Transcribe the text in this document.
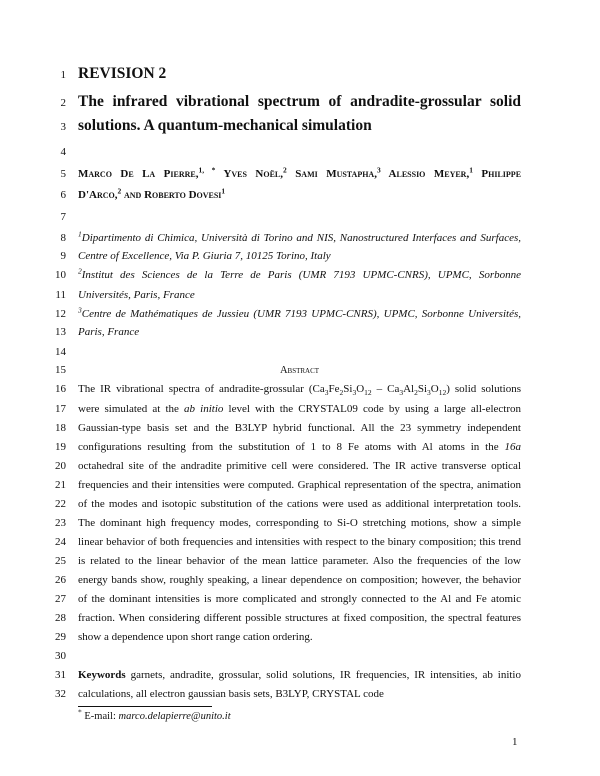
1
2
3
4
5
6
7
8
9
10
11
12
13
14
15
16
17
18
19
20
21
22
23
24
25
26
27
28
29
30
31
32
REVISION 2
The infrared vibrational spectrum of andradite-grossular solid
solutions. A quantum-mechanical simulation
Marco De La Pierre,$^{1, *}$ Yves Noël,$^2$ Sami Mustapha,$^3$ Alessio Meyer,$^1$ Philippe
D'Arco,$^2$ and Roberto Dovesi$^1$
$^1$Dipartimento di Chimica, Università di Torino and NIS, Nanostructured Interfaces and Surfaces,
Centre of Excellence, Via P. Giuria 7, 10125 Torino, Italy
$^2$Institut des Sciences de la Terre de Paris (UMR 7193 UPMC-CNRS), UPMC, Sorbonne
Universités, Paris, France
$^3$Centre de Mathématiques de Jussieu (UMR 7193 UPMC-CNRS), UPMC, Sorbonne Universités,
Paris, France
Abstract
The IR vibrational spectra of andradite-grossular $(Ca_3Fe_2Si_3O_{12} - Ca_3Al_2Si_3O_{12})$ solid solutions
were simulated at the ab initio level with the CRYSTAL09 code by using a large all-electron
Gaussian-type basis set and the B3LYP hybrid functional. All the 23 symmetry independent
configurations resulting from the substitution of 1 to 8 Fe atoms with Al atoms in the 16a
octahedral site of the andradite primitive cell were considered. The IR active transverse optical
frequencies and their intensities were computed. Graphical representation of the spectra, animation
of the modes and isotopic substitution of the cations were used as additional interpretation tools.
The dominant high frequency modes, corresponding to Si-O stretching motions, show a simple
linear behavior of both frequencies and intensities with respect to the binary composition; this trend
is related to the linear behavior of the mean lattice parameter. Also the frequencies of the low
energy bands show, roughly speaking, a linear dependence on composition; however, the behavior
of the dominant intensities is more complicated and strongly connected to the Al and Fe atomic
fraction. When considering different possible structures at fixed composition, the spectral features
show a dependence upon short range cation ordering.
Keywords garnets, andradite, grossular, solid solutions, IR frequencies, IR intensities, ab initio
calculations, all electron gaussian basis sets, B3LYP, CRYSTAL code
* E-mail: marco.delapierre@unito.it
1
